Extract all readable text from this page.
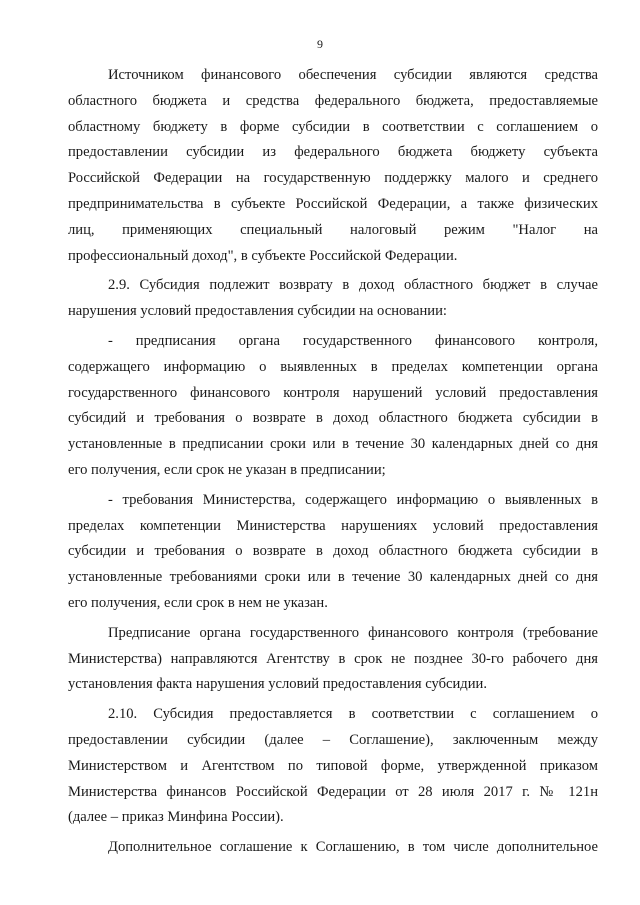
9
Источником финансового обеспечения субсидии являются средства
областного бюджета и средства федерального бюджета, предоставляемые
областному бюджету в форме субсидии в соответствии с соглашением о
предоставлении субсидии из федерального бюджета бюджету субъекта
Российской Федерации на государственную поддержку малого и среднего
предпринимательства в субъекте Российской Федерации, а также физических
лиц, применяющих специальный налоговый режим "Налог на
профессиональный доход", в субъекте Российской Федерации.
2.9. Субсидия подлежит возврату в доход областного бюджет в случае
нарушения условий предоставления субсидии на основании:
- предписания органа государственного финансового контроля,
содержащего информацию о выявленных в пределах компетенции органа
государственного финансового контроля нарушений условий предоставления
субсидий и требования о возврате в доход областного бюджета субсидии в
установленные в предписании сроки или в течение 30 календарных дней со дня
его получения, если срок не указан в предписании;
- требования Министерства, содержащего информацию о выявленных в
пределах компетенции Министерства нарушениях условий предоставления
субсидии и требования о возврате в доход областного бюджета субсидии в
установленные требованиями сроки или в течение 30 календарных дней со дня
его получения, если срок в нем не указан.
Предписание органа государственного финансового контроля (требование
Министерства) направляются Агентству в срок не позднее 30-го рабочего дня
установления факта нарушения условий предоставления субсидии.
2.10. Субсидия предоставляется в соответствии с соглашением о
предоставлении субсидии (далее – Соглашение), заключенным между
Министерством и Агентством по типовой форме, утвержденной приказом
Министерства финансов Российской Федерации от 28 июля 2017 г. № 121н
(далее – приказ Минфина России).
Дополнительное соглашение к Соглашению, в том числе дополнительное
